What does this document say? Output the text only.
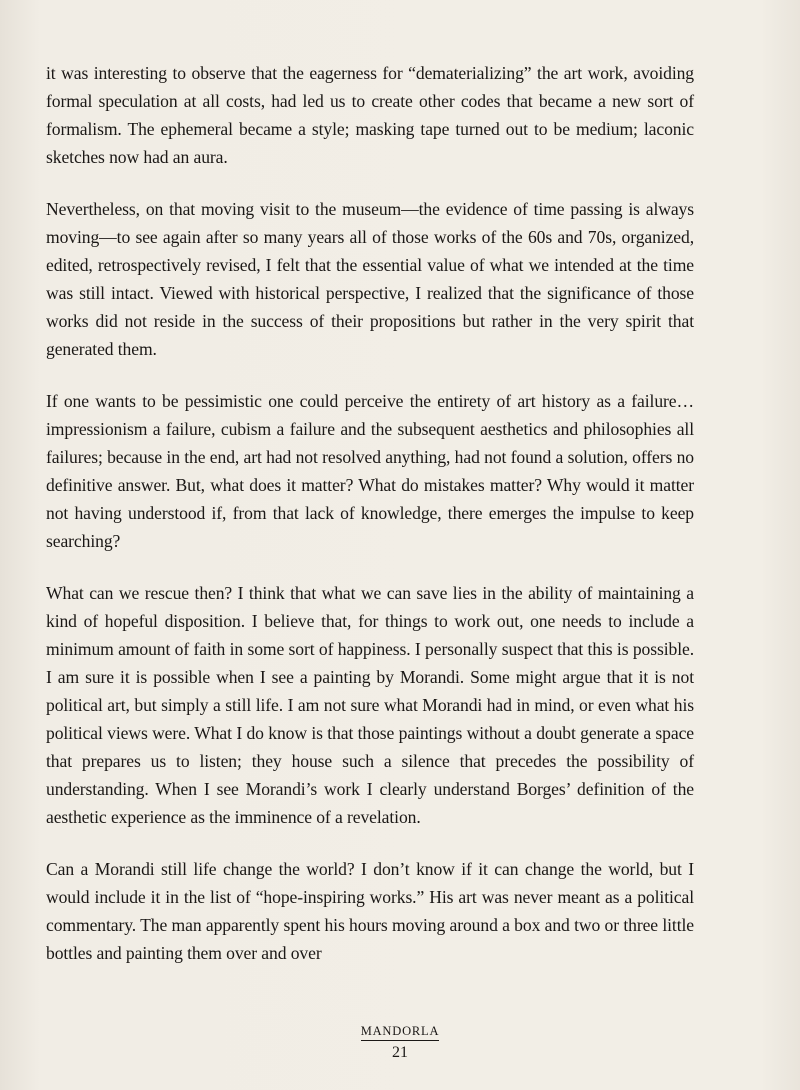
it was interesting to observe that the eagerness for “dematerializing” the art work, avoiding formal speculation at all costs, had led us to create other codes that became a new sort of formalism. The ephemeral became a style; masking tape turned out to be medium; laconic sketches now had an aura.

Nevertheless, on that moving visit to the museum—the evidence of time passing is always moving—to see again after so many years all of those works of the 60s and 70s, organized, edited, retrospectively revised, I felt that the essential value of what we intended at the time was still intact. Viewed with historical perspective, I realized that the significance of those works did not reside in the success of their propositions but rather in the very spirit that generated them.

If one wants to be pessimistic one could perceive the entirety of art history as a failure…impressionism a failure, cubism a failure and the subsequent aesthetics and philosophies all failures; because in the end, art had not resolved anything, had not found a solution, offers no definitive answer. But, what does it matter? What do mistakes matter? Why would it matter not having understood if, from that lack of knowledge, there emerges the impulse to keep searching?

What can we rescue then? I think that what we can save lies in the ability of maintaining a kind of hopeful disposition. I believe that, for things to work out, one needs to include a minimum amount of faith in some sort of happiness. I personally suspect that this is possible. I am sure it is possible when I see a painting by Morandi. Some might argue that it is not political art, but simply a still life. I am not sure what Morandi had in mind, or even what his political views were. What I do know is that those paintings without a doubt generate a space that prepares us to listen; they house such a silence that precedes the possibility of understanding. When I see Morandi’s work I clearly understand Borges’ definition of the aesthetic experience as the imminence of a revelation.

Can a Morandi still life change the world? I don’t know if it can change the world, but I would include it in the list of “hope-inspiring works.” His art was never meant as a political commentary. The man apparently spent his hours moving around a box and two or three little bottles and painting them over and over

MANDORLA
21
